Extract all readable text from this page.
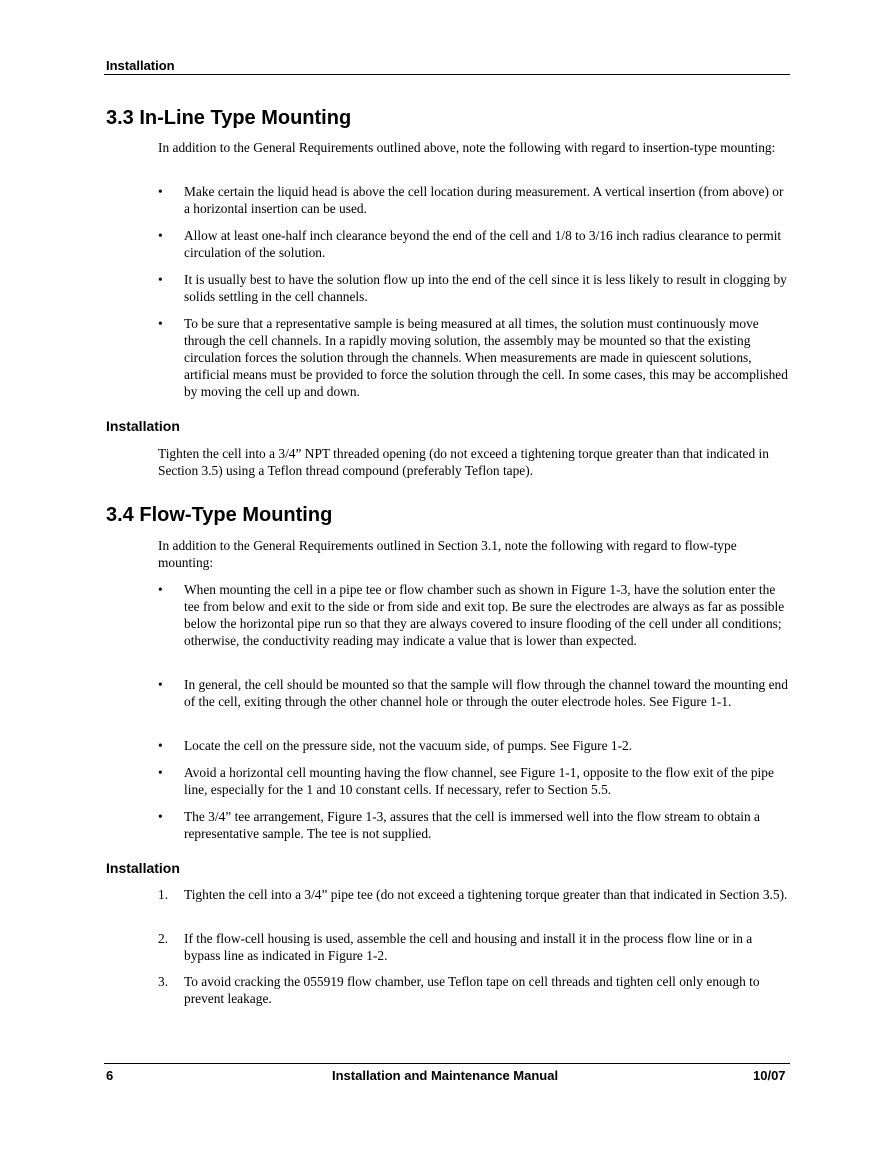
Installation
3.3 In-Line Type Mounting

In addition to the General Requirements outlined above, note the following with regard to insertion-type mounting:

•	Make certain the liquid head is above the cell location during measurement. A vertical insertion (from above) or a horizontal insertion can be used.
•	Allow at least one-half inch clearance beyond the end of the cell and 1/8 to 3/16 inch radius clearance to permit circulation of the solution.
•	It is usually best to have the solution flow up into the end of the cell since it is less likely to result in clogging by solids settling in the cell channels.
•	To be sure that a representative sample is being measured at all times, the solution must continuously move through the cell channels. In a rapidly moving solution, the assembly may be mounted so that the existing circulation forces the solution through the channels. When measurements are made in quiescent solutions, artificial means must be provided to force the solution through the cell. In some cases, this may be accomplished by moving the cell up and down.
Installation

Tighten the cell into a 3/4” NPT threaded opening (do not exceed a tightening torque greater than that indicated in Section 3.5) using a Teflon thread compound (preferably Teflon tape).

3.4 Flow-Type Mounting

In addition to the General Requirements outlined in Section 3.1, note the following with regard to flow-type mounting:

•	When mounting the cell in a pipe tee or flow chamber such as shown in Figure 1-3, have the solution enter the tee from below and exit to the side or from side and exit top. Be sure the electrodes are always as far as possible below the horizontal pipe run so that they are always covered to insure flooding of the cell under all conditions; otherwise, the conductivity reading may indicate a value that is lower than expected.
•	In general, the cell should be mounted so that the sample will flow through the channel toward the mounting end of the cell, exiting through the other channel hole or through the outer electrode holes. See Figure 1-1.
•	Locate the cell on the pressure side, not the vacuum side, of pumps. See Figure 1-2.
•	Avoid a horizontal cell mounting having the flow channel, see Figure 1-1, opposite to the flow exit of the pipe line, especially for the 1 and 10 constant cells. If necessary, refer to Section 5.5.
•	The 3/4” tee arrangement, Figure 1-3, assures that the cell is immersed well into the flow stream to obtain a representative sample. The tee is not supplied.
Installation
1.	Tighten the cell into a 3/4” pipe tee (do not exceed a tightening torque greater than that indicated in Section 3.5).
2.	If the flow-cell housing is used, assemble the cell and housing and install it in the process flow line or in a bypass line as indicated in Figure 1-2.
3.	To avoid cracking the 055919 flow chamber, use Teflon tape on cell threads and tighten cell only enough to prevent leakage.
6	Installation and Maintenance Manual	10/07
